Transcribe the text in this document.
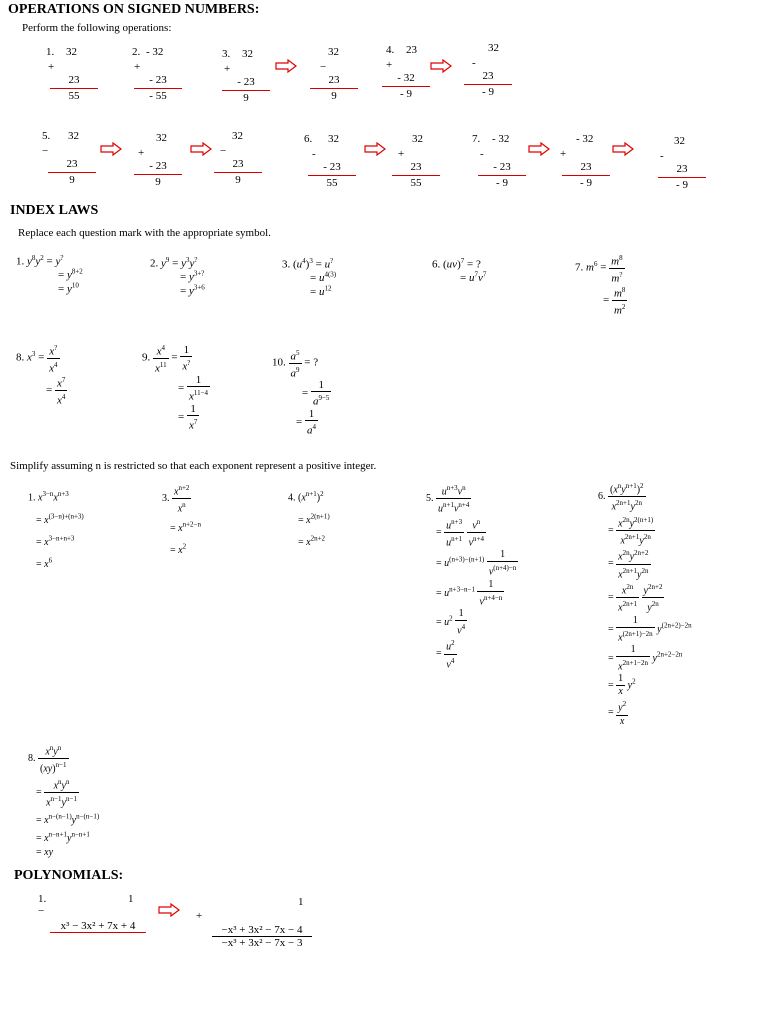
OPERATIONS ON SIGNED NUMBERS:
Perform the following operations:
1. 32
+
23
55
2. - 32
+
- 23
- 55
3. 32
+
- 23
9
32
−
23
9
4. 23
+
- 32
- 9
32
-
23
- 9
5. 32
−
23
9
32
+
- 23
9
32
−
23
9
6. 32
-
- 23
55
32
+
23
55
7. - 32
-
- 23
- 9
- 32
+
23
- 9
32
-
23
- 9
INDEX LAWS
Replace each question mark with the appropriate symbol.
1. $y^8y^2 = y^?$
= $y^{8+2}$
= $y^{10}$
2. $y^9 = y^3y^?$
= $y^{3+?}$
= $y^{3+6}$
3. $(u^4)^3 = u^?$
= $u^{4(3)}$
= $u^{12}$
6. (uv)$^7$ = ?
= $u^7v^7$
7. $m^6 = \frac{m^8}{m^?}$

= $\frac{m^8}{m^2}$
8. $x^3 = \frac{x^?}{x^4}$

= $\frac{x^7}{x^4}$
9. $\frac{x^4}{x^{11}} = \frac{1}{x^?}$

= $\frac{1}{x^{11-4}}$

= $\frac{1}{x^7}$
10. $\frac{a^5}{a^9}$ = ?
= $\frac{1}{a^{9-5}}$

= $\frac{1}{a^4}$
Simplify assuming n is restricted so that each exponent represent a positive integer.
1. $x^{3-n}x^{n+3}$
= $x^{(3-n)+(n+3)}$
= $x^{3-n+n+3}$
= $x^6$
3. $\frac{x^{n+2}}{x^n}$

= $x^{n+2-n}$
= $x^2$
4. $(x^{n+1})^2$
= $x^{2(n+1)}$
= $x^{2n+2}$
5. $\frac{u^{n+3}v^n}{u^{n+1}v^{n+4}}$

= $\frac{u^{n+3}}{u^{n+1}}$
$\frac{v^n}{v^{n+4}}$

= $u^{(n+3)-(n+1)} \frac{1}{v^{(n+4)-n}}$

= $u^{n+3-n-1} \frac{1}{v^{n+4-n}}$

= $u^2 \frac{1}{v^4}$

= $\frac{u^2}{v^4}$
6. $\frac{(x^ny^{n+1})^2}{x^{2n+1}y^{2n}}$

= $\frac{x^{2n}y^{2(n+1)}}{x^{2n+1}y^{2n}}$

= $\frac{x^{2n}y^{2n+2}}{x^{2n+1}y^{2n}}$

= $\frac{x^{2n}}{x^{2n+1}}$
$\frac{y^{2n+2}}{y^{2n}}$

= $\frac{1}{x^{(2n+1)-2n}} y^{(2n+2)-2n}$
= $\frac{1}{x^{2n+1-2n}} y^{2n+2-2n}$
= $\frac{1}{x} y^2$
= $\frac{y^2}{x}$
8. $\frac{x^ny^n}{(xy)^{n-1}}$

= $\frac{x^ny^n}{x^{n-1}y^{n-1}}$

= $x^{n-(n-1)}y^{n-(n-1)}$
= $x^{n-n+1}y^{n-n+1}$
= xy
POLYNOMIALS:
1.	1
−
x³ − 3x² + 7x + 4
1
+
−x³ + 3x² − 7x − 4
−x³ + 3x² − 7x − 3
